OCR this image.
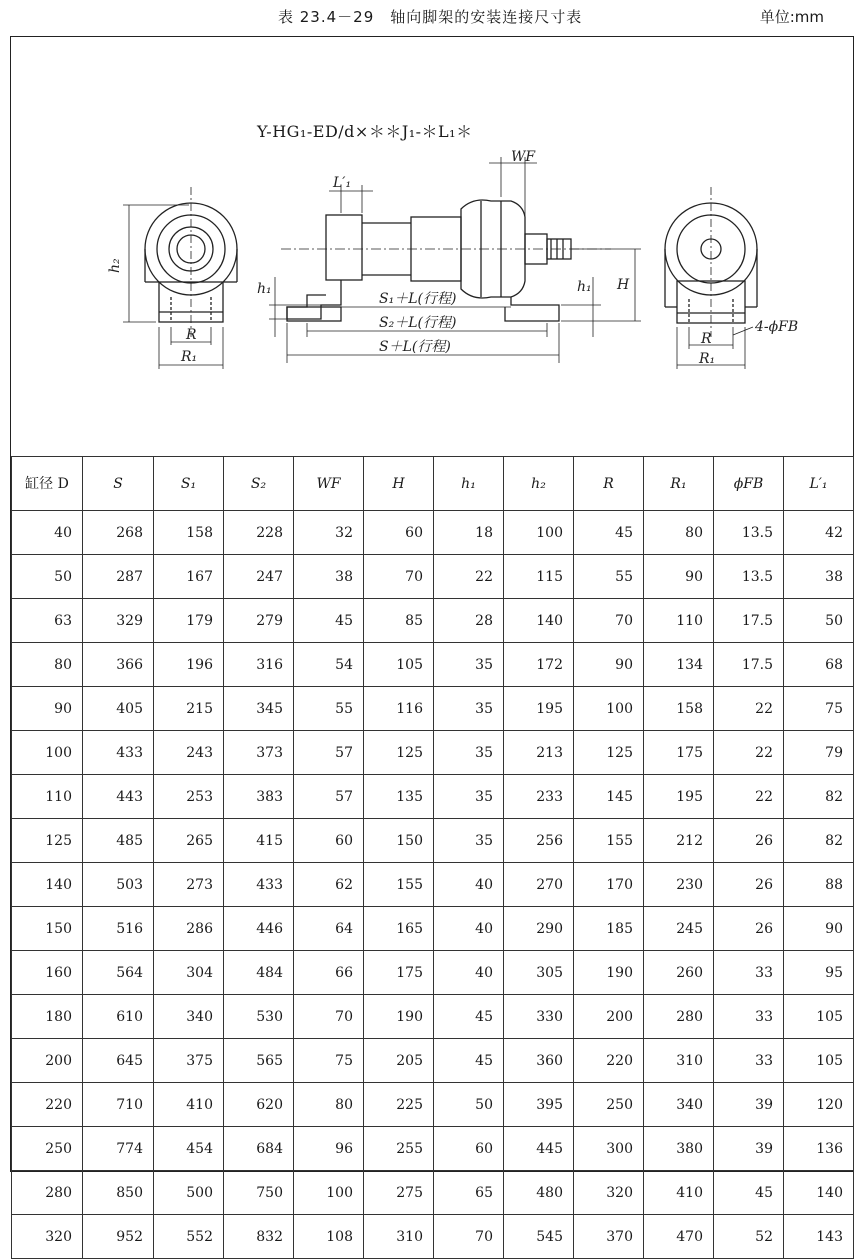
表 23.4－29　轴向脚架的安装连接尺寸表	单位:mm
Y-HG₁-ED/d×＊＊J₁-＊L₁＊
WF
L′₁
h₂
h₁	h₁ H
R
R₁
R
R₁
4-ϕFB
S₁＋L(行程)
S₂＋L(行程)
S＋L(行程)
缸径 D	S	S₁	S₂	WF	H	h₁	h₂	R	R₁	ϕFB	L′₁
40	268	158	228	32	60	18	100	45	80	13.5	42
50	287	167	247	38	70	22	115	55	90	13.5	38
63	329	179	279	45	85	28	140	70	110	17.5	50
80	366	196	316	54	105	35	172	90	134	17.5	68
90	405	215	345	55	116	35	195	100	158	22	75
100	433	243	373	57	125	35	213	125	175	22	79
110	443	253	383	57	135	35	233	145	195	22	82
125	485	265	415	60	150	35	256	155	212	26	82
140	503	273	433	62	155	40	270	170	230	26	88
150	516	286	446	64	165	40	290	185	245	26	90
160	564	304	484	66	175	40	305	190	260	33	95
180	610	340	530	70	190	45	330	200	280	33	105
200	645	375	565	75	205	45	360	220	310	33	105
220	710	410	620	80	225	50	395	250	340	39	120
250	774	454	684	96	255	60	445	300	380	39	136
280	850	500	750	100	275	65	480	320	410	45	140
320	952	552	832	108	310	70	545	370	470	52	143
